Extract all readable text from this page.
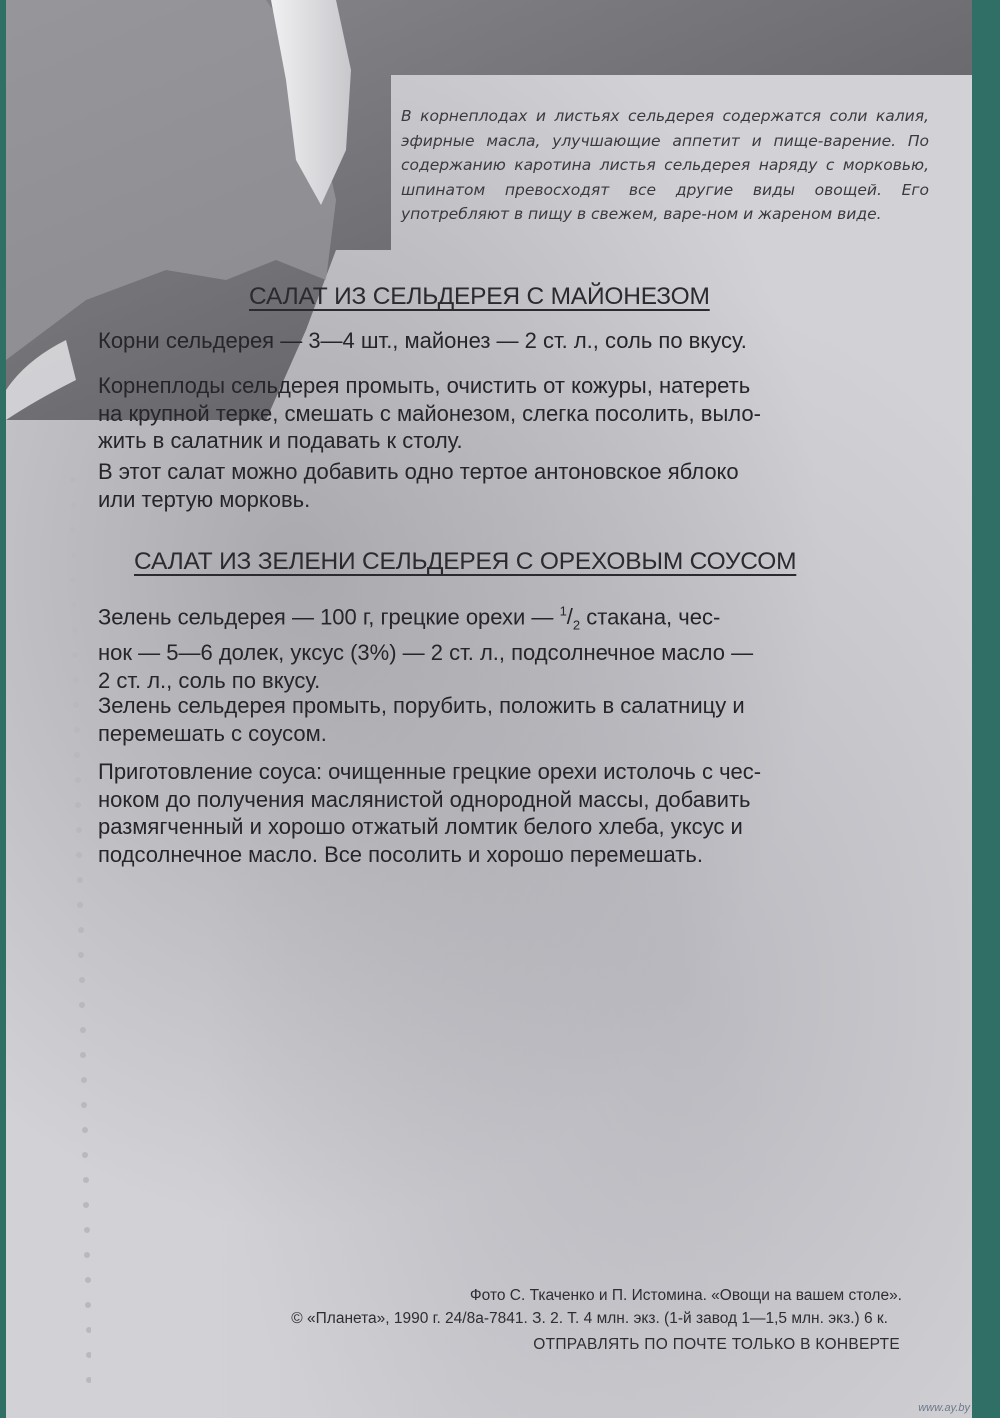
В корнеплодах и листьях сельдерея содержатся соли калия, эфирные масла, улучшающие аппетит и пище-варение. По содержанию каротина листья сельдерея наряду с морковью, шпинатом превосходят все другие виды овощей. Его употребляют в пищу в свежем, варе-ном и жареном виде.
САЛАТ ИЗ СЕЛЬДЕРЕЯ С МАЙОНЕЗОМ

Корни сельдерея — 3—4 шт., майонез — 2 ст. л., соль по вкусу.

Корнеплоды сельдерея промыть, очистить от кожуры, натереть
на крупной терке, смешать с майонезом, слегка посолить, выло-
жить в салатник и подавать к столу.

В этот салат можно добавить одно тертое антоновское яблоко
или тертую морковь.

САЛАТ ИЗ ЗЕЛЕНИ СЕЛЬДЕРЕЯ С ОРЕХОВЫМ СОУСОМ

Зелень сельдерея — 100 г, грецкие орехи — $^1/_2$ стакана, чес-
нок — 5—6 долек, уксус (3%) — 2 ст. л., подсолнечное масло —
2 ст. л., соль по вкусу.

Зелень сельдерея промыть, порубить, положить в салатницу и
перемешать с соусом.

Приготовление соуса: очищенные грецкие орехи истолочь с чес-
ноком до получения маслянистой однородной массы, добавить
размягченный и хорошо отжатый ломтик белого хлеба, уксус и
подсолнечное масло. Все посолить и хорошо перемешать.

Фото С. Ткаченко и П. Истомина. «Овощи на вашем столе».
© «Планета», 1990 г. 24/8а-7841. З. 2. Т. 4 млн. экз. (1-й завод 1—1,5 млн. экз.) 6 к.
ОТПРАВЛЯТЬ ПО ПОЧТЕ ТОЛЬКО В КОНВЕРТЕ
www.ay.by
